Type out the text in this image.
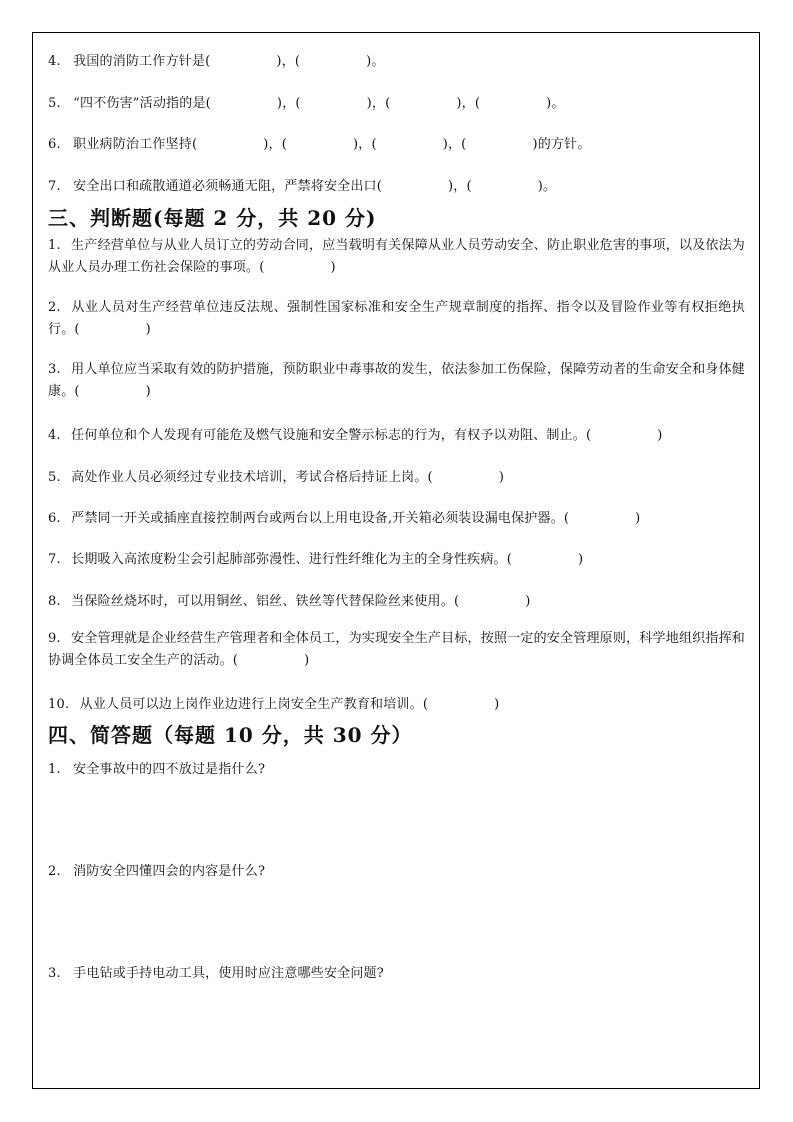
4. 我国的消防工作方针是(　　　　　)，(　　　　　)。
5. “四不伤害”活动指的是(　　　　　)，(　　　　　)，(　　　　　)，(　　　　　)。
6. 职业病防治工作坚持(　　　　　)，(　　　　　)，(　　　　　)，(　　　　　)的方针。
7. 安全出口和疏散通道必须畅通无阻，严禁将安全出口(　　　　　)，(　　　　　)。
三、判断题(每题 2 分，共 20 分)
1. 生产经营单位与从业人员订立的劳动合同，应当载明有关保障从业人员劳动安全、防止职业危害的事项，以及依法为从业人员办理工伤社会保险的事项。(　　　　　)
2. 从业人员对生产经营单位违反法规、强制性国家标准和安全生产规章制度的指挥、指令以及冒险作业等有权拒绝执行。(　　　　　)
3. 用人单位应当采取有效的防护措施，预防职业中毒事故的发生，依法参加工伤保险，保障劳动者的生命安全和身体健康。(　　　　　)
4. 任何单位和个人发现有可能危及燃气设施和安全警示标志的行为，有权予以劝阻、制止。(　　　　　)
5. 高处作业人员必须经过专业技术培训，考试合格后持证上岗。(　　　　　)
6. 严禁同一开关或插座直接控制两台或两台以上用电设备,开关箱必须装设漏电保护器。(　　　　　)
7. 长期吸入高浓度粉尘会引起肺部弥漫性、进行性纤维化为主的全身性疾病。(　　　　　)
8. 当保险丝烧坏时，可以用铜丝、铝丝、铁丝等代替保险丝来使用。(　　　　　)
9. 安全管理就是企业经营生产管理者和全体员工，为实现安全生产目标，按照一定的安全管理原则，科学地组织指挥和协调全体员工安全生产的活动。(　　　　　)
10. 从业人员可以边上岗作业边进行上岗安全生产教育和培训。(　　　　　)
四、简答题（每题 10 分，共 30 分）
1. 安全事故中的四不放过是指什么?
2. 消防安全四懂四会的内容是什么?
3. 手电钻或手持电动工具，使用时应注意哪些安全问题?
